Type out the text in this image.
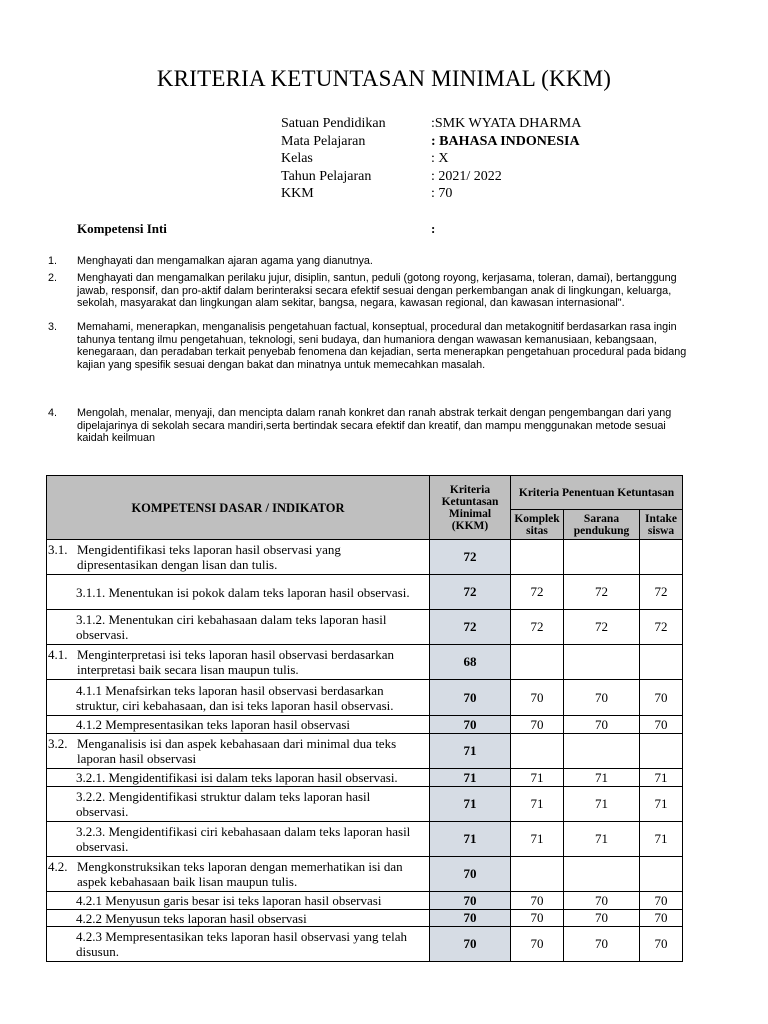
KRITERIA KETUNTASAN MINIMAL (KKM)
Satuan Pendidikan	:SMK WYATA DHARMA
Mata Pelajaran	: BAHASA INDONESIA
Kelas	: X
Tahun Pelajaran	: 2021/ 2022
KKM	: 70
Kompetensi Inti	:
1. Menghayati dan mengamalkan ajaran agama yang dianutnya.
2. Menghayati dan mengamalkan perilaku jujur, disiplin, santun, peduli (gotong royong, kerjasama, toleran, damai), bertanggung jawab, responsif, dan pro-aktif dalam berinteraksi secara efektif sesuai dengan perkembangan anak di lingkungan, keluarga, sekolah, masyarakat dan lingkungan alam sekitar, bangsa, negara, kawasan regional, dan kawasan internasional".
3. Memahami, menerapkan, menganalisis pengetahuan factual, konseptual, procedural dan metakognitif berdasarkan rasa ingin tahunya tentang ilmu pengetahuan, teknologi, seni budaya, dan humaniora dengan wawasan kemanusiaan, kebangsaan, kenegaraan, dan peradaban terkait penyebab fenomena dan kejadian, serta menerapkan pengetahuan procedural pada bidang kajian yang spesifik sesuai dengan bakat dan minatnya untuk memecahkan masalah.
4. Mengolah, menalar, menyaji, dan mencipta dalam ranah konkret dan ranah abstrak terkait dengan pengembangan dari yang dipelajarinya di sekolah secara mandiri,serta bertindak secara efektif dan kreatif, dan mampu menggunakan metode sesuai kaidah keilmuan
KOMPETENSI DASAR / INDIKATOR	Kriteria Ketuntasan Minimal (KKM)	Kriteria Penentuan Ketuntasan		
		Komplek sitas	Sarana pendukung	Intake siswa
3.1. Mengidentifikasi teks laporan hasil observasi yang dipresentasikan dengan lisan dan tulis.	72			
3.1.1. Menentukan isi pokok dalam teks laporan hasil observasi.	72	72	72	72
3.1.2. Menentukan ciri kebahasaan dalam teks laporan hasil observasi.	72	72	72	72
4.1. Menginterpretasi isi teks laporan hasil observasi berdasarkan interpretasi baik secara lisan maupun tulis.	68			
4.1.1 Menafsirkan teks laporan hasil observasi berdasarkan struktur, ciri kebahasaan, dan isi teks laporan hasil observasi.	70	70	70	70
4.1.2 Mempresentasikan teks laporan hasil observasi	70	70	70	70
3.2. Menganalisis isi dan aspek kebahasaan dari minimal dua teks laporan hasil observasi	71			
3.2.1. Mengidentifikasi isi dalam teks laporan hasil observasi.	71	71	71	71
3.2.2. Mengidentifikasi struktur dalam teks laporan hasil observasi.	71	71	71	71
3.2.3. Mengidentifikasi ciri kebahasaan dalam teks laporan hasil observasi.	71	71	71	71
4.2. Mengkonstruksikan teks laporan dengan memerhatikan isi dan aspek kebahasaan baik lisan maupun tulis.	70			
4.2.1 Menyusun garis besar isi teks laporan hasil observasi	70	70	70	70
4.2.2 Menyusun teks laporan hasil observasi	70	70	70	70
4.2.3 Mempresentasikan teks laporan hasil observasi yang telah disusun.	70	70	70	70
